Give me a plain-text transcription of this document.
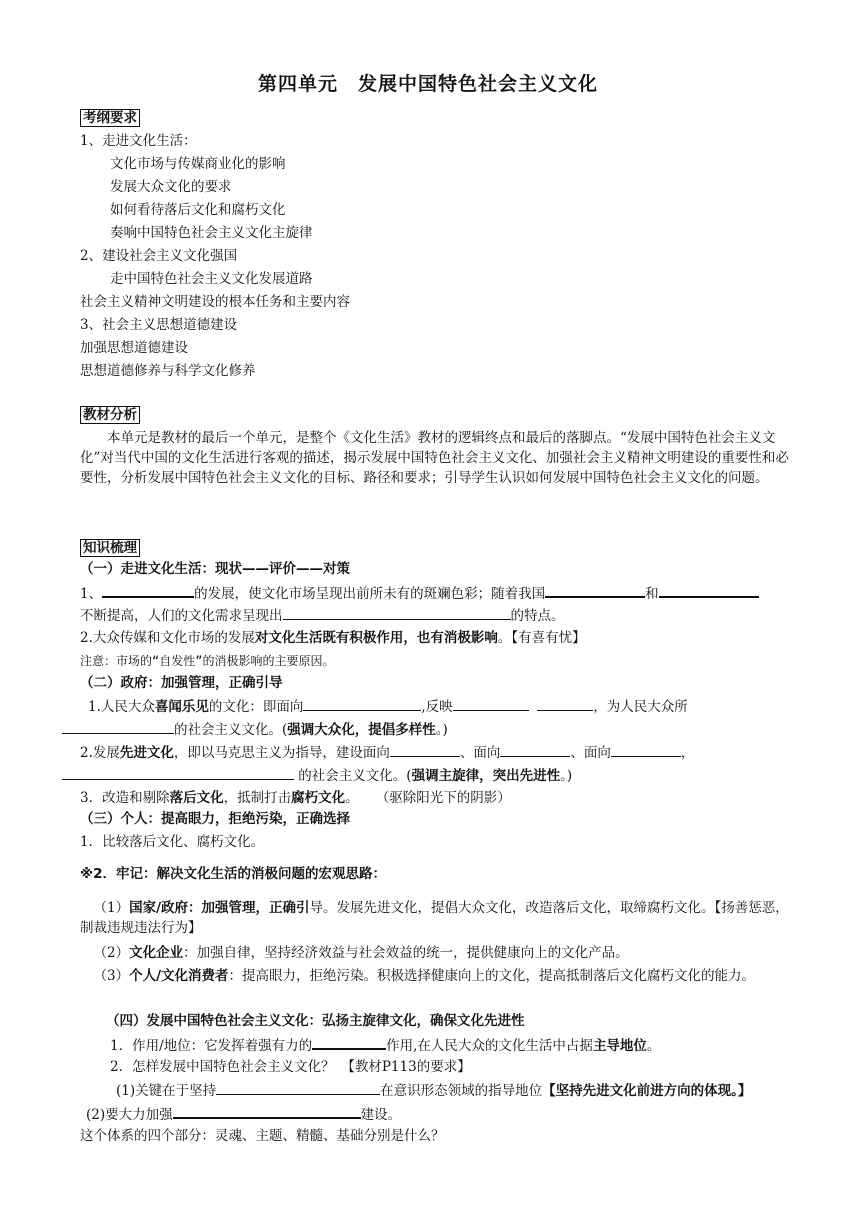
第四单元　发展中国特色社会主义文化
考纲要求
1、走进文化生活：
文化市场与传媒商业化的影响
发展大众文化的要求
如何看待落后文化和腐朽文化
奏响中国特色社会主义文化主旋律
2、建设社会主义文化强国
走中国特色社会主义文化发展道路
社会主义精神文明建设的根本任务和主要内容
3、社会主义思想道德建设
加强思想道德建设
思想道德修养与科学文化修养
教材分析
本单元是教材的最后一个单元，是整个《文化生活》教材的逻辑终点和最后的落脚点。“发展中国特色社会主义文化”对当代中国的文化生活进行客观的描述，揭示发展中国特色社会主义文化、加强社会主义精神文明建设的重要性和必要性，分析发展中国特色社会主义文化的目标、路径和要求；引导学生认识如何发展中国特色社会主义文化的问题。
知识梳理
（一）走进文化生活：现状——评价——对策
1、	的发展，使文化市场呈现出前所未有的斑斓色彩；随着我国	和
不断提高，人们的文化需求呈现出	的特点。
2.大众传媒和文化市场的发展对文化生活既有积极作用，也有消极影响。【有喜有忧】
注意：市场的“自发性”的消极影响的主要原因。
（二）政府：加强管理，正确引导
1.人民大众喜闻乐见的文化：即面向	,反映	，为人民大众所
的社会主义文化。(强调大众化，提倡多样性。)
2.发展先进文化，即以马克思主义为指导，建设面向	、面向	、面向	，
的社会主义文化。(强调主旋律，突出先进性。)
3．改造和剔除落后文化，抵制打击腐朽文化。 （驱除阳光下的阴影）
（三）个人：提高眼力，拒绝污染，正确选择
1．比较落后文化、腐朽文化。
※2．牢记：解决文化生活的消极问题的宏观思路：
（1）国家/政府：加强管理，正确引导。发展先进文化，提倡大众文化，改造落后文化，取缔腐朽文化。【扬善惩恶，制裁违规违法行为】
（2）文化企业：加强自律，坚持经济效益与社会效益的统一，提供健康向上的文化产品。
（3）个人/文化消费者：提高眼力，拒绝污染。积极选择健康向上的文化，提高抵制落后文化腐朽文化的能力。
（四）发展中国特色社会主义文化：弘扬主旋律文化，确保文化先进性
1．作用/地位：它发挥着强有力的	作用,在人民大众的文化生活中占据主导地位。
2．怎样发展中国特色社会主义文化？　【教材P113的要求】
(1)关键在于坚持	在意识形态领域的指导地位【坚持先进文化前进方向的体现。】
(2)要大力加强	建设。
这个体系的四个部分：灵魂、主题、精髓、基础分别是什么？
